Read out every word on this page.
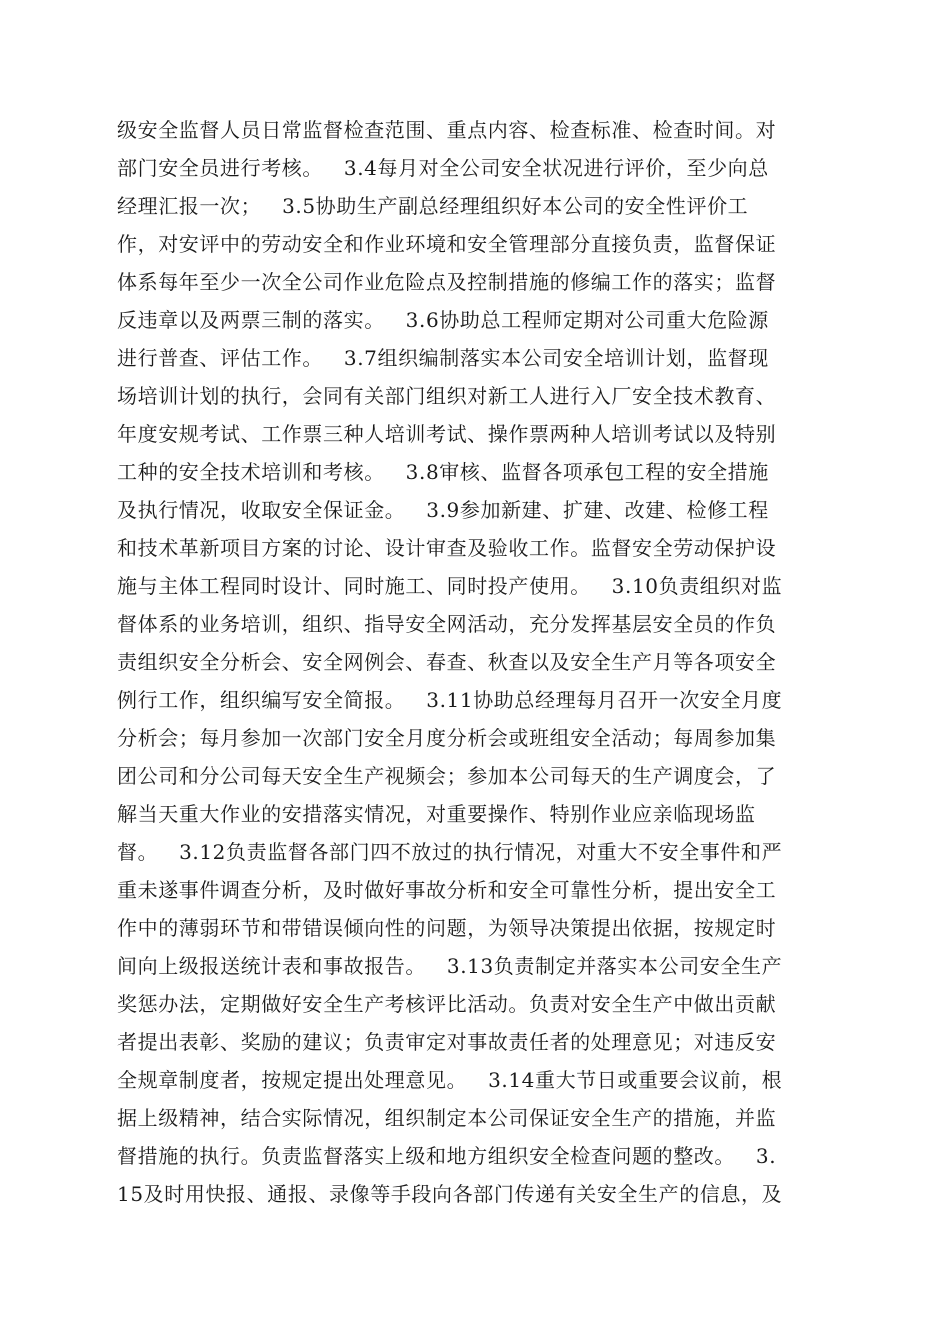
级安全监督人员日常监督检查范围、重点内容、检查标准、检查时间。对
部门安全员进行考核。   3.4每月对全公司安全状况进行评价，至少向总
经理汇报一次；   3.5协助生产副总经理组织好本公司的安全性评价工
作，对安评中的劳动安全和作业环境和安全管理部分直接负责，监督保证
体系每年至少一次全公司作业危险点及控制措施的修编工作的落实；监督
反违章以及两票三制的落实。   3.6协助总工程师定期对公司重大危险源
进行普查、评估工作。   3.7组织编制落实本公司安全培训计划，监督现
场培训计划的执行，会同有关部门组织对新工人进行入厂安全技术教育、
年度安规考试、工作票三种人培训考试、操作票两种人培训考试以及特别
工种的安全技术培训和考核。   3.8审核、监督各项承包工程的安全措施
及执行情况，收取安全保证金。   3.9参加新建、扩建、改建、检修工程
和技术革新项目方案的讨论、设计审查及验收工作。监督安全劳动保护设
施与主体工程同时设计、同时施工、同时投产使用。   3.10负责组织对监
督体系的业务培训，组织、指导安全网活动，充分发挥基层安全员的作负
责组织安全分析会、安全网例会、春查、秋查以及安全生产月等各项安全
例行工作，组织编写安全简报。   3.11协助总经理每月召开一次安全月度
分析会；每月参加一次部门安全月度分析会或班组安全活动；每周参加集
团公司和分公司每天安全生产视频会；参加本公司每天的生产调度会，了
解当天重大作业的安措落实情况，对重要操作、特别作业应亲临现场监
督。   3.12负责监督各部门四不放过的执行情况，对重大不安全事件和严
重未遂事件调查分析，及时做好事故分析和安全可靠性分析，提出安全工
作中的薄弱环节和带错误倾向性的问题，为领导决策提出依据，按规定时
间向上级报送统计表和事故报告。   3.13负责制定并落实本公司安全生产
奖惩办法，定期做好安全生产考核评比活动。负责对安全生产中做出贡献
者提出表彰、奖励的建议；负责审定对事故责任者的处理意见；对违反安
全规章制度者，按规定提出处理意见。   3.14重大节日或重要会议前，根
据上级精神，结合实际情况，组织制定本公司保证安全生产的措施，并监
督措施的执行。负责监督落实上级和地方组织安全检查问题的整改。   3.
15及时用快报、通报、录像等手段向各部门传递有关安全生产的信息，及
